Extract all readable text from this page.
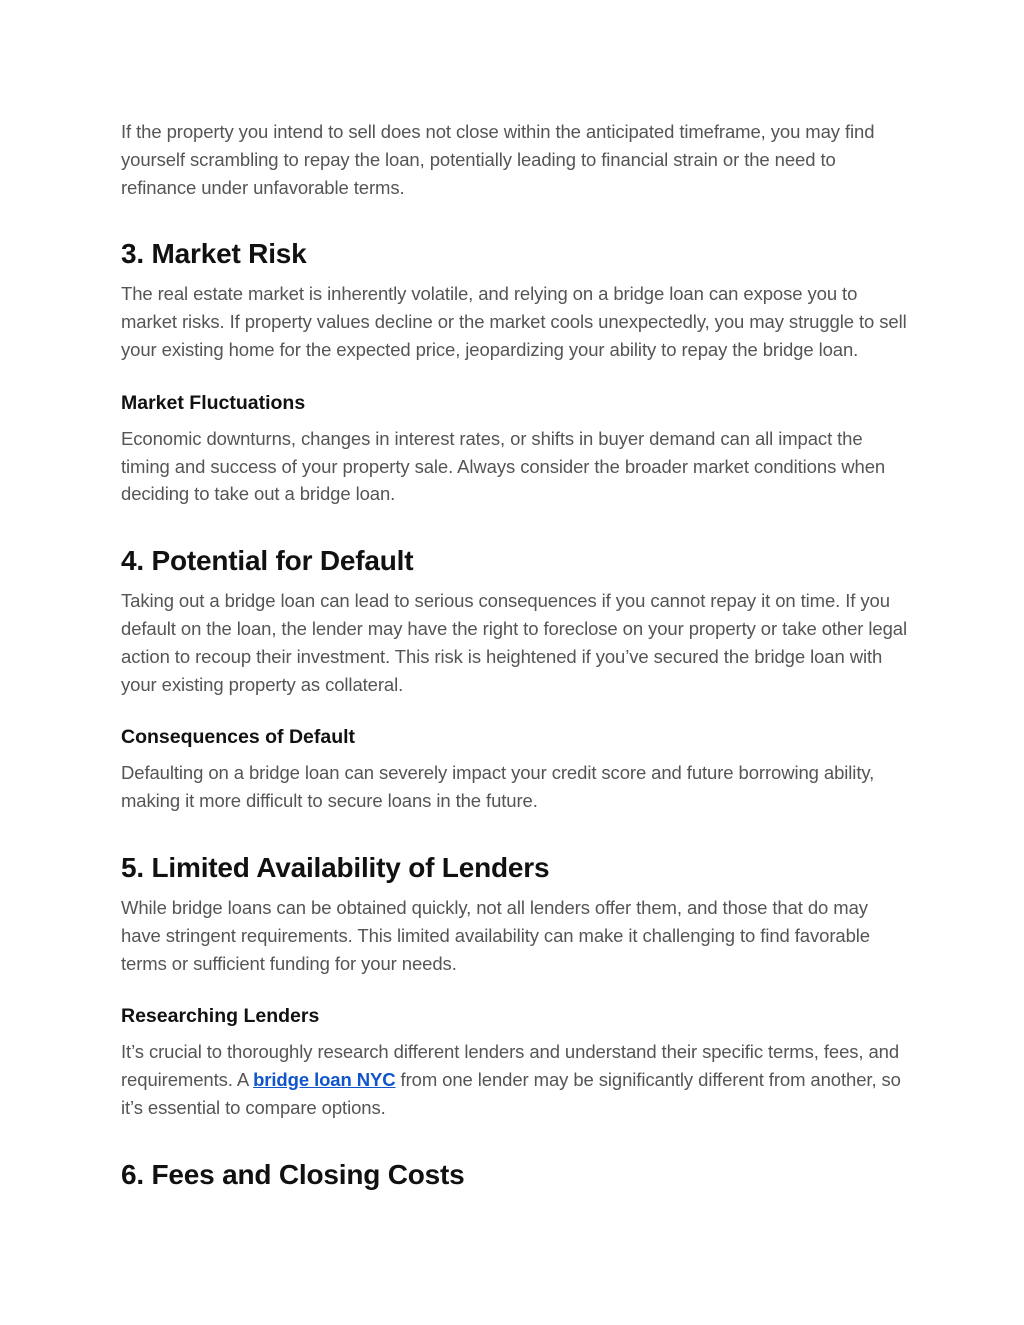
If the property you intend to sell does not close within the anticipated timeframe, you may find yourself scrambling to repay the loan, potentially leading to financial strain or the need to refinance under unfavorable terms.

3. Market Risk

The real estate market is inherently volatile, and relying on a bridge loan can expose you to market risks. If property values decline or the market cools unexpectedly, you may struggle to sell your existing home for the expected price, jeopardizing your ability to repay the bridge loan.

Market Fluctuations

Economic downturns, changes in interest rates, or shifts in buyer demand can all impact the timing and success of your property sale. Always consider the broader market conditions when deciding to take out a bridge loan.

4. Potential for Default

Taking out a bridge loan can lead to serious consequences if you cannot repay it on time. If you default on the loan, the lender may have the right to foreclose on your property or take other legal action to recoup their investment. This risk is heightened if you’ve secured the bridge loan with your existing property as collateral.

Consequences of Default

Defaulting on a bridge loan can severely impact your credit score and future borrowing ability, making it more difficult to secure loans in the future.

5. Limited Availability of Lenders

While bridge loans can be obtained quickly, not all lenders offer them, and those that do may have stringent requirements. This limited availability can make it challenging to find favorable terms or sufficient funding for your needs.

Researching Lenders

It’s crucial to thoroughly research different lenders and understand their specific terms, fees, and requirements. A bridge loan NYC from one lender may be significantly different from another, so it’s essential to compare options.

6. Fees and Closing Costs
